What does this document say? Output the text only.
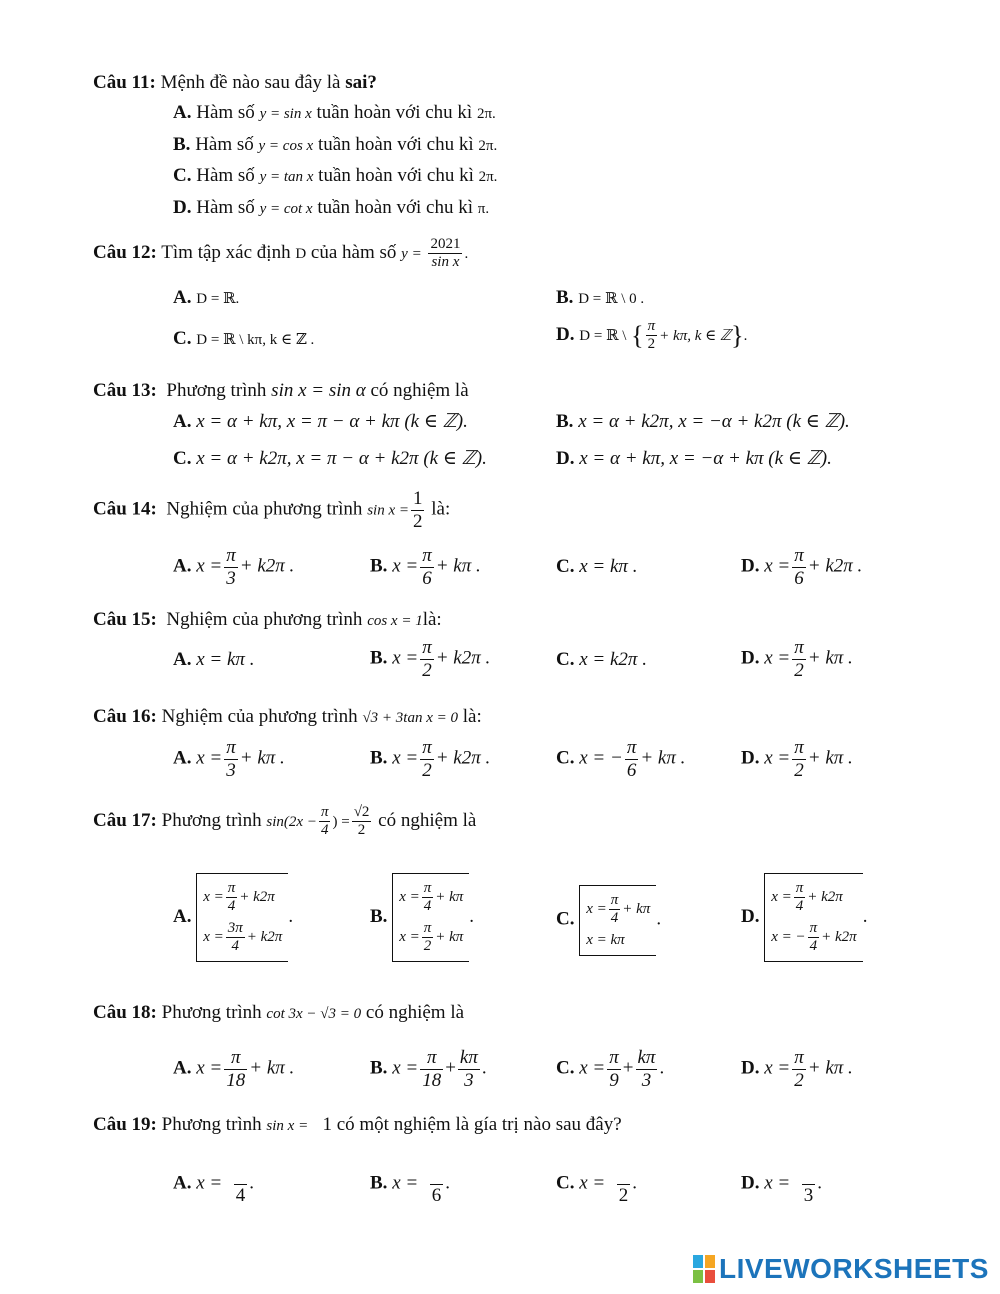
Câu 11: Mệnh đề nào sau đây là sai?
A. Hàm số y = sin x tuần hoàn với chu kì 2π.
B. Hàm số y = cos x tuần hoàn với chu kì 2π.
C. Hàm số y = tan x tuần hoàn với chu kì 2π.
D. Hàm số y = cot x tuần hoàn với chu kì π.
Câu 12: Tìm tập xác định D của hàm số $y = \frac{2021}{\text{sin x}}$ .
A. D = ℝ.	B. D = ℝ \ 0 .
C. D = ℝ \ kπ, k ∈ ℤ .	D. D = ℝ \ { $\frac{\pi}{2} + k\pi$, k ∈ ℤ}.
Câu 13: Phương trình sin x = sin α có nghiệm là
A. x = α + kπ, x = π − α + kπ (k ∈ ℤ).	B. x = α + k2π, x = −α + k2π (k ∈ ℤ).
C. x = α + k2π, x = π − α + k2π (k ∈ ℤ).	D. x = α + kπ, x = −α + kπ (k ∈ ℤ).
Câu 14: Nghiệm của phương trình $\sin x = \frac{1}{2}$ là:
A. $x = \frac{\pi}{3} + k2\pi$ .	B. $x = \frac{\pi}{6} + k\pi$ .	C. x = kπ .	D. $x = \frac{\pi}{6} + k2\pi$ .
Câu 15: Nghiệm của phương trình cos x = 1là:
A. x = kπ .	B. $x = \frac{\pi}{2} + k2\pi$ .	C. x = k2π .	D. $x = \frac{\pi}{2} + k\pi$ .
Câu 16: Nghiệm của phương trình √3 + 3tan x = 0 là:
A. $x = \frac{\pi}{3} + k\pi$ .	B. $x = \frac{\pi}{2} + k2\pi$ .	C. x = − $\frac{\pi}{6} + k\pi$ .	D. $x = \frac{\pi}{2} + k\pi$ .
Câu 17: Phương trình $\sin(2x - \frac{\pi}{4}$ ) = $\frac{√2}{2}$ có nghiệm là
A.
$x = \frac{\pi}{4} + k2\pi$
$x = \frac{3\pi}{4} + k2\pi$
.	B.
$x = \frac{\pi}{4} + k\pi$
$x = \frac{\pi}{2} + k\pi$
.	C. $x = \frac{\pi}{4} + k\pi$
x = kπ
.	D.
$x = \frac{\pi}{4} + k2\pi$
x = − $\frac{\pi}{4} + k2\pi$
.
Câu 18: Phương trình cot 3x − √3 = 0 có nghiệm là
A. $x = \frac{\pi}{18} + k\pi$ .	B. $x = \frac{\pi}{18} + \frac{k\pi}{3}$ .	C. $x = \frac{\pi}{9} + \frac{k\pi}{3}$ .	D. $x = \frac{\pi}{2} + k\pi$ .
Câu 19: Phương trình sin x = 1 có một nghiệm là gía trị nào sau đây?
A. x =

4
.	B. x =

6
.	C. x =

2
.	D. x =

3
.
LIVEWORKSHEETS
